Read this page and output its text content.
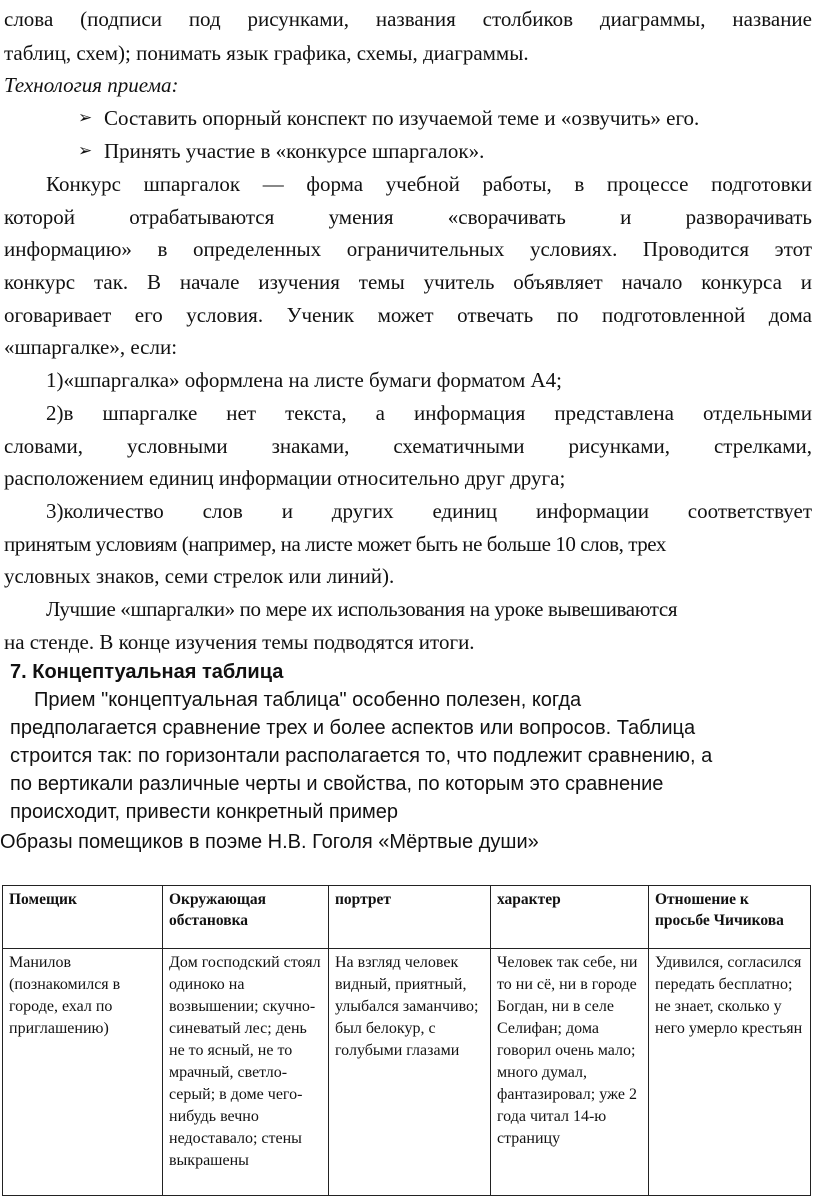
слова (подписи под рисунками, названия столбиков диаграммы, название
таблиц, схем); понимать язык графика, схемы, диаграммы.
Технология приема:
➢ Составить опорный конспект по изучаемой теме и «озвучить» его.
➢ Принять участие в «конкурсе шпаргалок».
Конкурс шпаргалок — форма учебной работы, в процессе подготовки
которой отрабатываются умения «сворачивать и разворачивать
информацию» в определенных ограничительных условиях. Проводится этот
конкурс так. В начале изучения темы учитель объявляет начало конкурса и
оговаривает его условия. Ученик может отвечать по подготовленной дома
«шпаргалке», если:
1)«шпаргалка» оформлена на листе бумаги форматом А4;
2)в шпаргалке нет текста, а информация представлена отдельными
словами, условными знаками, схематичными рисунками, стрелками,
расположением единиц информации относительно друг друга;
3)количество слов и других единиц информации соответствует
принятым условиям (например, на листе может быть не больше 10 слов, трех
условных знаков, семи стрелок или линий).
Лучшие «шпаргалки» по мере их использования на уроке вывешиваются
на стенде. В конце изучения темы подводятся итоги.
7. Концептуальная таблица
Прием "концептуальная таблица" особенно полезен, когда
предполагается сравнение трех и более аспектов или вопросов. Таблица
строится так: по горизонтали располагается то, что подлежит сравнению, а
по вертикали различные черты и свойства, по которым это сравнение
происходит, привести конкретный пример
Образы помещиков в поэме Н.В. Гоголя «Мёртвые души»
Помещик	Окружающая обстановка	портрет	характер	Отношение к просьбе Чичикова
Манилов (познакомился в городе, ехал по приглашению)	Дом господский стоял одиноко на возвышении; скучно- синеватый лес; день не то ясный, не то мрачный, светло-серый; в доме чего-нибудь вечно недоставало; стены выкрашены	На взгляд человек видный, приятный, улыбался заманчиво; был белокур, с голубыми глазами	Человек так себе, ни то ни сё, ни в городе Богдан, ни в селе Селифан; дома говорил очень мало; много думал, фантазировал; уже 2 года читал 14-ю страницу	Удивился, согласился передать бесплатно; не знает, сколько у него умерло крестьян
